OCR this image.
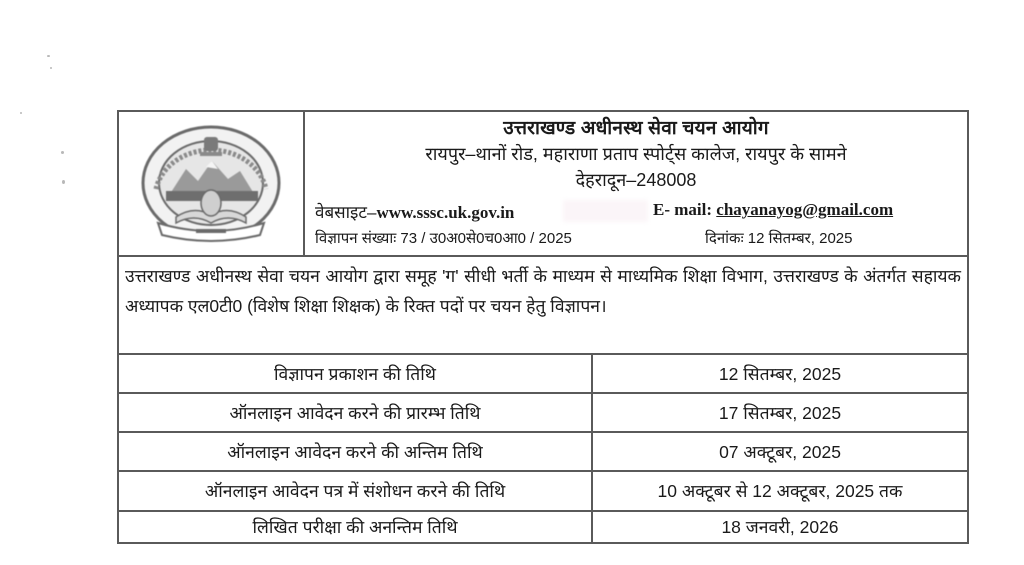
उत्तराखण्ड अधीनस्थ सेवा चयन आयोग
रायपुर–थानों रोड, महाराणा प्रताप स्पोर्ट्स कालेज, रायपुर के सामने
देहरादून–248008
वेबसाइट–www.sssc.uk.gov.in	E- mail: chayanayog@gmail.com
विज्ञापन संख्याः 73 / उ0अ0से0च0आ0 / 2025	दिनांकः 12 सितम्बर, 2025
उत्तराखण्ड अधीनस्थ सेवा चयन आयोग द्वारा समूह 'ग' सीधी भर्ती के माध्यम से माध्यमिक शिक्षा विभाग, उत्तराखण्ड के अंतर्गत सहायक अध्यापक एल0टी0 (विशेष शिक्षा शिक्षक) के रिक्त पदों पर चयन हेतु विज्ञापन।
विज्ञापन प्रकाशन की तिथि	12 सितम्बर, 2025
ऑनलाइन आवेदन करने की प्रारम्भ तिथि	17 सितम्बर, 2025
ऑनलाइन आवेदन करने की अन्तिम तिथि	07 अक्टूबर, 2025
ऑनलाइन आवेदन पत्र में संशोधन करने की तिथि	10 अक्टूबर से 12 अक्टूबर, 2025 तक
लिखित परीक्षा की अनन्तिम तिथि	18 जनवरी, 2026
